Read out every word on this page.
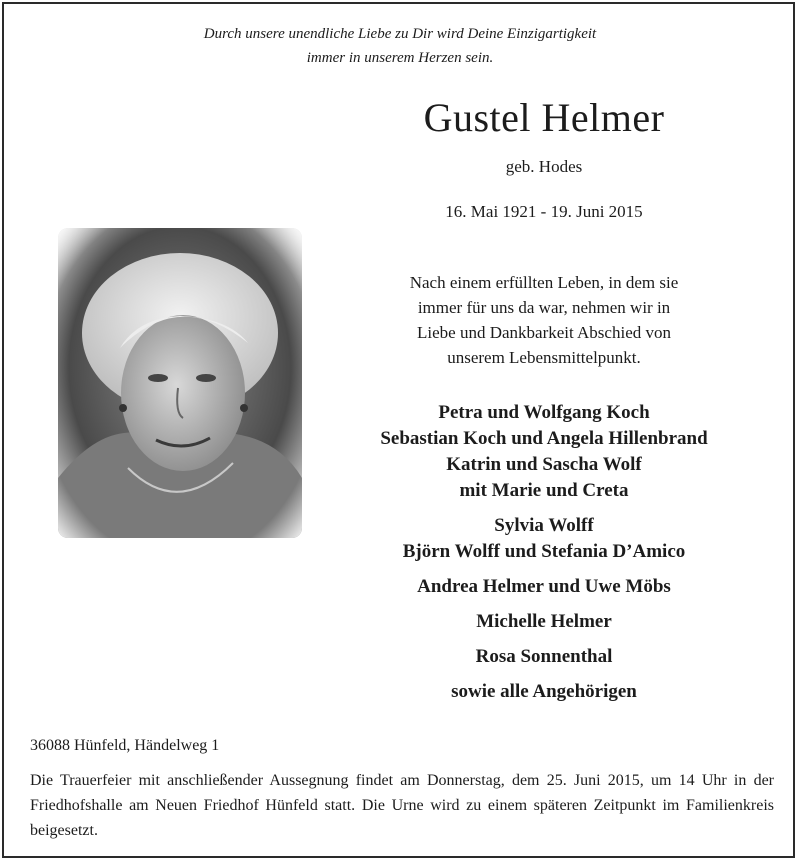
Durch unsere unendliche Liebe zu Dir wird Deine Einzigartigkeit
immer in unserem Herzen sein.
Gustel Helmer
geb. Hodes
16. Mai 1921 - 19. Juni 2015
Nach einem erfüllten Leben, in dem sie
immer für uns da war, nehmen wir in
Liebe und Dankbarkeit Abschied von
unserem Lebensmittelpunkt.
Petra und Wolfgang Koch
Sebastian Koch und Angela Hillenbrand
Katrin und Sascha Wolf
mit Marie und Creta
Sylvia Wolff
Björn Wolff und Stefania D’Amico
Andrea Helmer und Uwe Möbs
Michelle Helmer
Rosa Sonnenthal
sowie alle Angehörigen
36088 Hünfeld, Händelweg 1
Die Trauerfeier mit anschließender Aussegnung findet am Donnerstag, dem 25. Juni 2015, um 14 Uhr in der Friedhofshalle am Neuen Friedhof Hünfeld statt. Die Urne wird zu einem späteren Zeitpunkt im Familienkreis beigesetzt.
